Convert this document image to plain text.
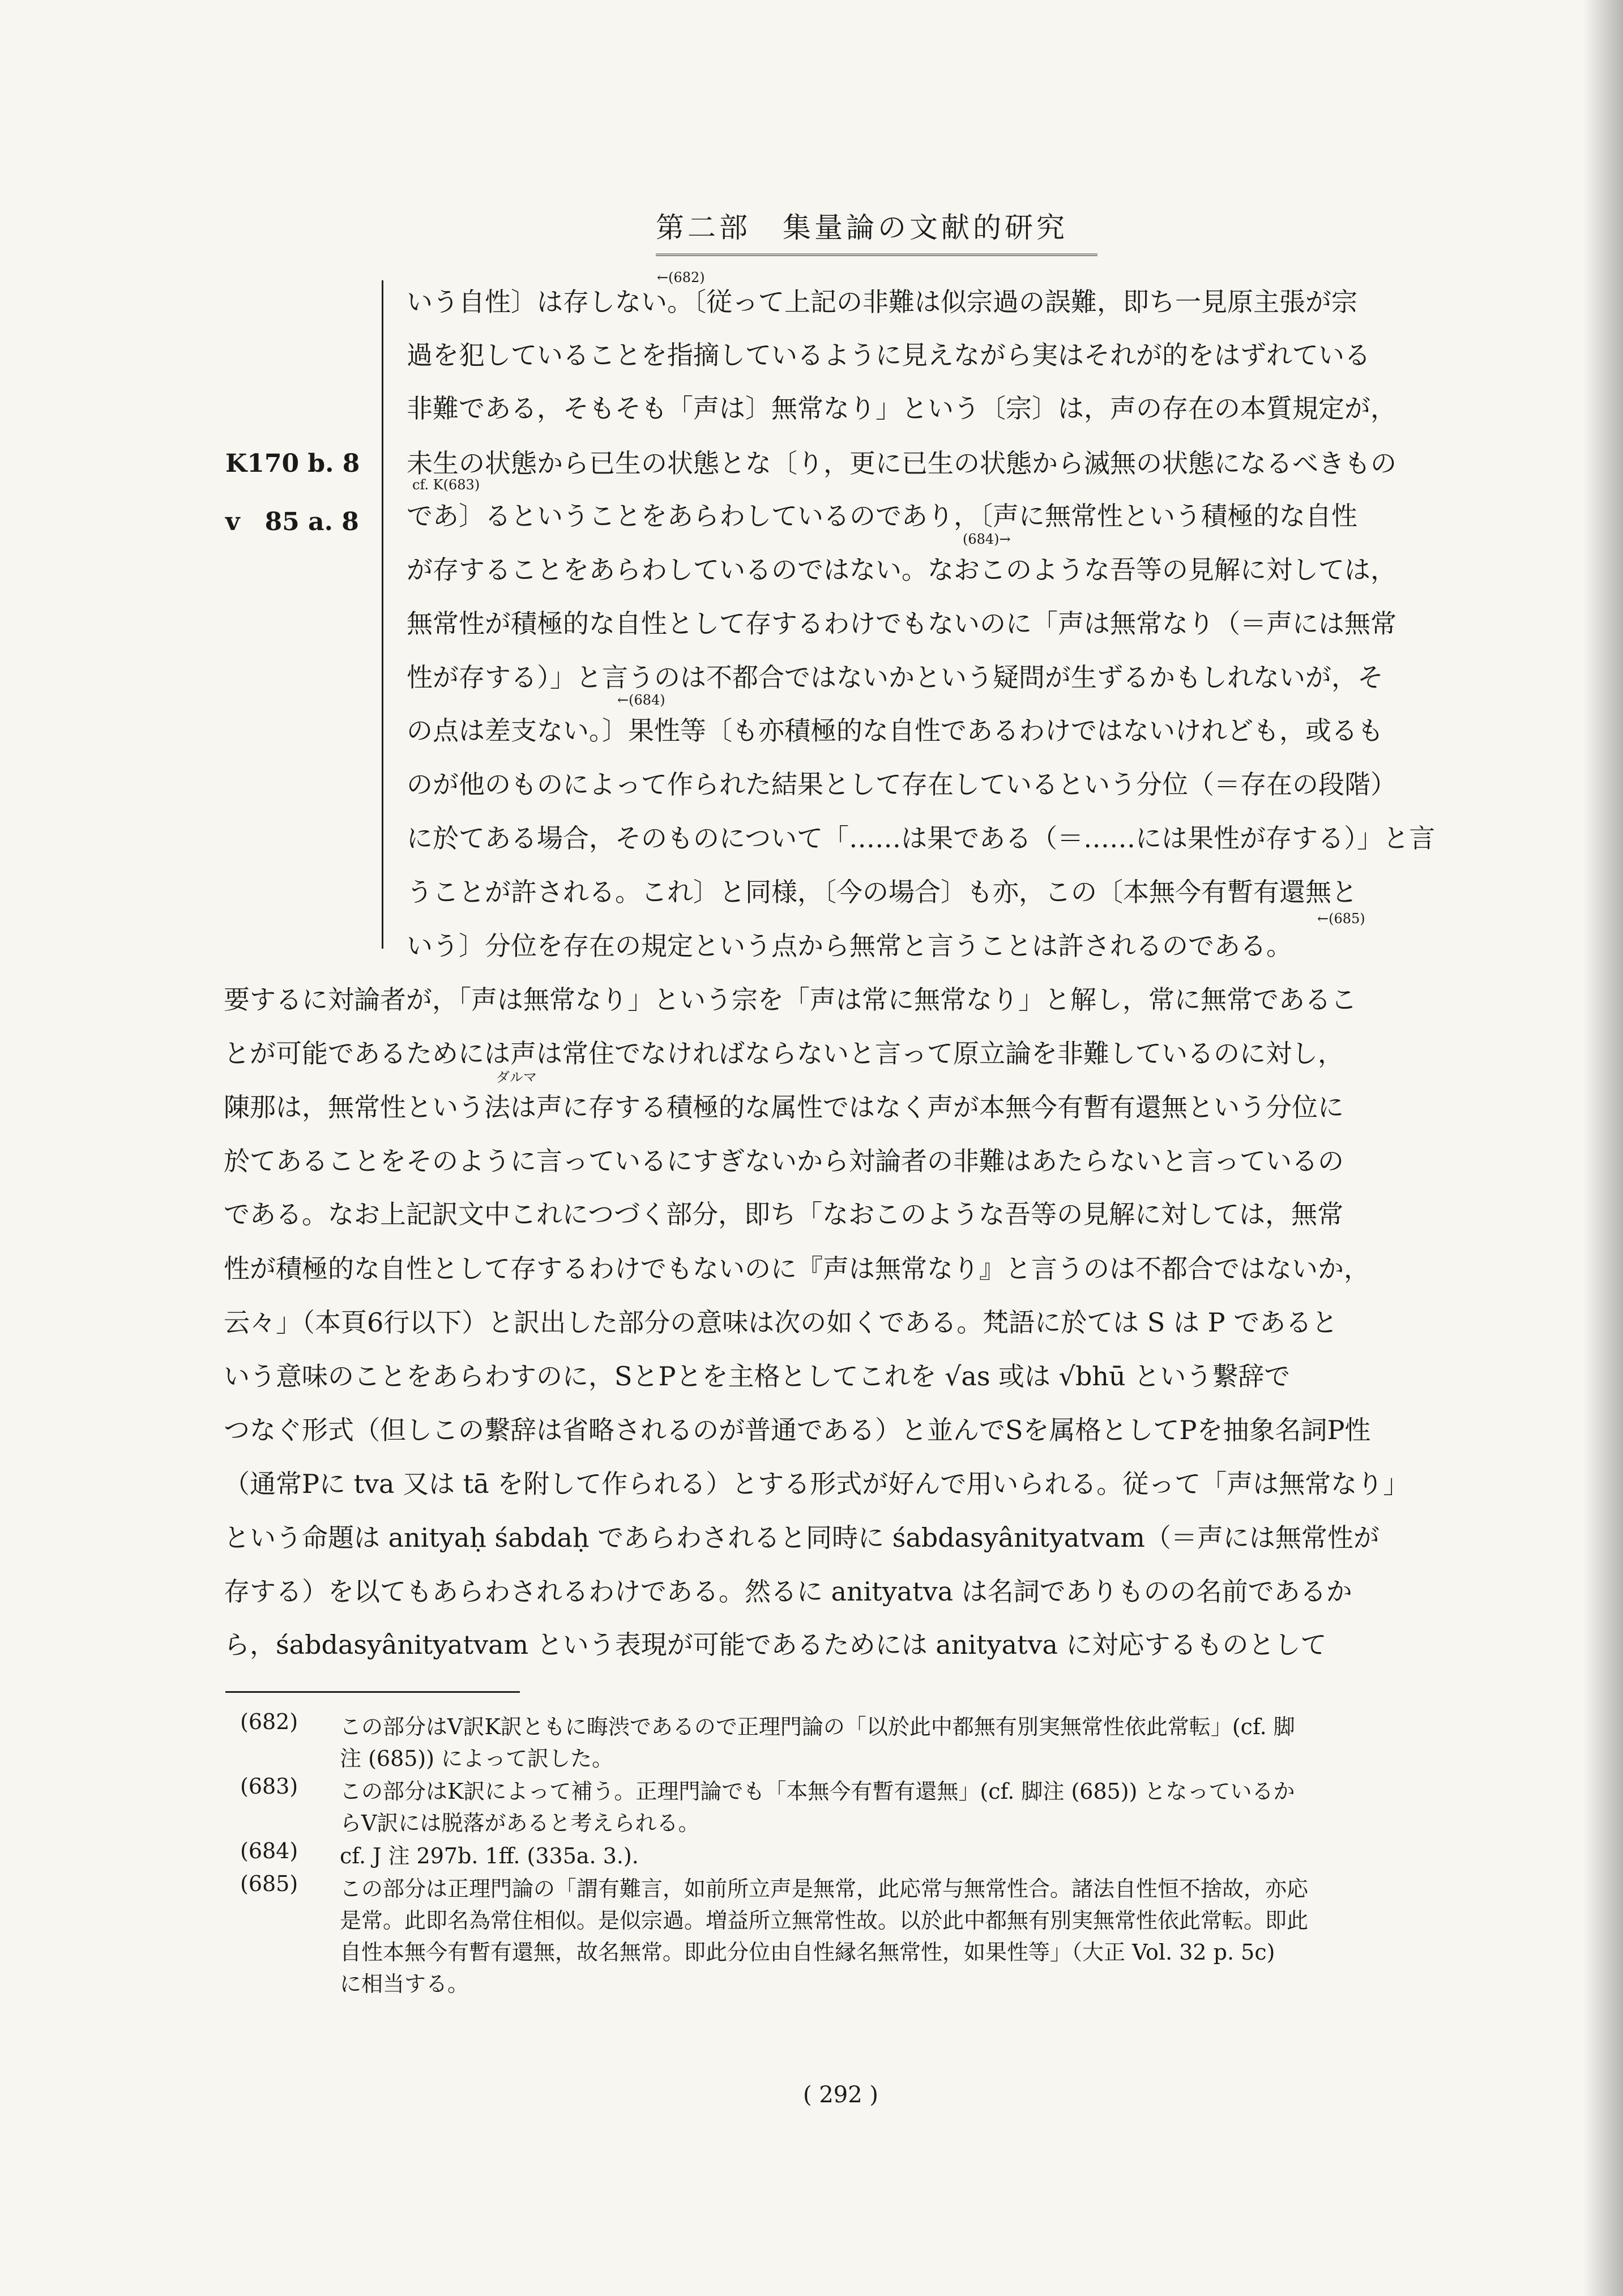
第二部　集量論の文献的研究
K170 b. 8
v　85 a. 8
←(682)
cf. K(683)
(684)→
←(684)
←(685)
ダルマ
いう自性〕は存しない。〔従って上記の非難は似宗過の誤難，即ち一見原主張が宗
過を犯していることを指摘しているように見えながら実はそれが的をはずれている
非難である，そもそも「声は〕無常なり」という〔宗〕は，声の存在の本質規定が，
未生の状態から已生の状態とな〔り，更に已生の状態から滅無の状態になるべきもの
であ〕るということをあらわしているのであり，〔声に無常性という積極的な自性
が存することをあらわしているのではない。なおこのような吾等の見解に対しては，
無常性が積極的な自性として存するわけでもないのに「声は無常なり（＝声には無常
性が存する）」と言うのは不都合ではないかという疑問が生ずるかもしれないが，そ
の点は差支ない。〕果性等〔も亦積極的な自性であるわけではないけれども，或るも
のが他のものによって作られた結果として存在しているという分位（＝存在の段階）
に於てある場合，そのものについて「……は果である（＝……には果性が存する）」と言
うことが許される。これ〕と同様，〔今の場合〕も亦，この〔本無今有暫有還無と
いう〕分位を存在の規定という点から無常と言うことは許されるのである。
要するに対論者が，「声は無常なり」という宗を「声は常に無常なり」と解し，常に無常であるこ
とが可能であるためには声は常住でなければならないと言って原立論を非難しているのに対し，
陳那は，無常性という法は声に存する積極的な属性ではなく声が本無今有暫有還無という分位に
於てあることをそのように言っているにすぎないから対論者の非難はあたらないと言っているの
である。なお上記訳文中これにつづく部分，即ち「なおこのような吾等の見解に対しては，無常
性が積極的な自性として存するわけでもないのに『声は無常なり』と言うのは不都合ではないか，
云々」（本頁6行以下）と訳出した部分の意味は次の如くである。梵語に於ては S は P であると
いう意味のことをあらわすのに，SとPとを主格としてこれを √as 或は √bhū という繋辞で
つなぐ形式（但しこの繋辞は省略されるのが普通である）と並んでSを属格としてPを抽象名詞P性
（通常Pに tva 又は tā を附して作られる）とする形式が好んで用いられる。従って「声は無常なり」
という命題は anityaḥ śabdaḥ であらわされると同時に śabdasyânityatvam（＝声には無常性が
存する）を以てもあらわされるわけである。然るに anityatva は名詞でありものの名前であるか
ら，śabdasyânityatvam という表現が可能であるためには anityatva に対応するものとして
(682) この部分はV訳K訳ともに晦渋であるので正理門論の「以於此中都無有別実無常性依此常転」(cf. 脚
注 (685)) によって訳した。
(683) この部分はK訳によって補う。正理門論でも「本無今有暫有還無」(cf. 脚注 (685)) となっているか
らV訳には脱落があると考えられる。
(684) cf. J 注 297b. 1ff. (335a. 3.).
(685) この部分は正理門論の「謂有難言，如前所立声是無常，此応常与無常性合。諸法自性恒不捨故，亦応
是常。此即名為常住相似。是似宗過。増益所立無常性故。以於此中都無有別実無常性依此常転。即此
自性本無今有暫有還無，故名無常。即此分位由自性縁名無常性，如果性等」（大正 Vol. 32 p. 5c)
に相当する。
( 292 )
